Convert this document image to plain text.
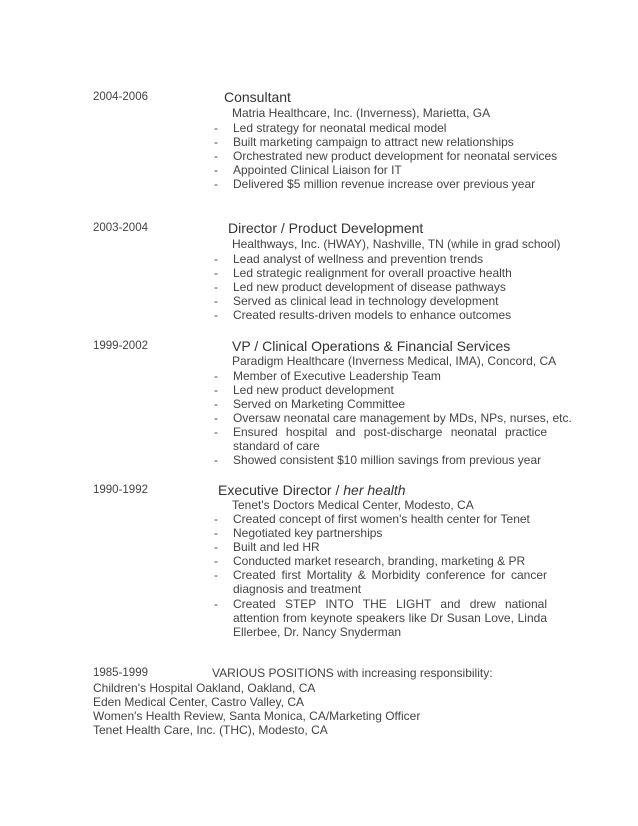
2004-2006	Consultant
Matria Healthcare, Inc. (Inverness), Marietta, GA
- Led strategy for neonatal medical model
- Built marketing campaign to attract new relationships
- Orchestrated new product development for neonatal services
- Appointed Clinical Liaison for IT
- Delivered $5 million revenue increase over previous year
2003-2004	Director / Product Development
Healthways, Inc. (HWAY), Nashville, TN (while in grad school)
- Lead analyst of wellness and prevention trends
- Led strategic realignment for overall proactive health
- Led new product development of disease pathways
- Served as clinical lead in technology development
- Created results-driven models to enhance outcomes
1999-2002	VP / Clinical Operations & Financial Services
Paradigm Healthcare (Inverness Medical, IMA), Concord, CA
- Member of Executive Leadership Team
- Led new product development
- Served on Marketing Committee
- Oversaw neonatal care management by MDs, NPs, nurses, etc.
- Ensured hospital and post-discharge neonatal practice standard of care
- Showed consistent $10 million savings from previous year
1990-1992	Executive Director / her health
Tenet's Doctors Medical Center, Modesto, CA
- Created concept of first women's health center for Tenet
- Negotiated key partnerships
- Built and led HR
- Conducted market research, branding, marketing & PR
- Created first Mortality & Morbidity conference for cancer diagnosis and treatment
- Created STEP INTO THE LIGHT and drew national attention from keynote speakers like Dr Susan Love, Linda Ellerbee, Dr. Nancy Snyderman
1985-1999	VARIOUS POSITIONS with increasing responsibility:
Children's Hospital Oakland, Oakland, CA
Eden Medical Center, Castro Valley, CA
Women's Health Review, Santa Monica, CA/Marketing Officer
Tenet Health Care, Inc. (THC), Modesto, CA
